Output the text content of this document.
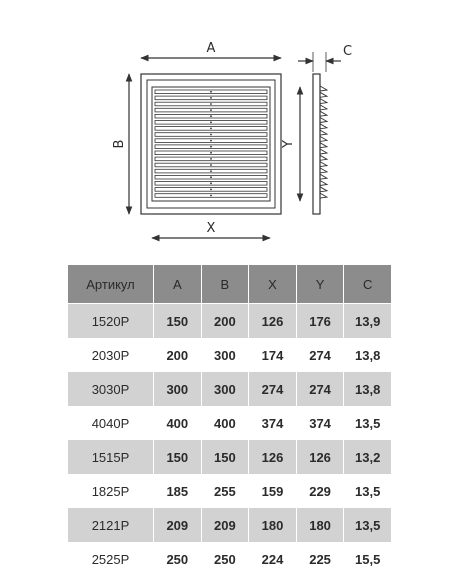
A
B
X
Y
C
Артикул	A	B	X	Y	C
1520P	150	200	126	176	13,9
2030P	200	300	174	274	13,8
3030P	300	300	274	274	13,8
4040P	400	400	374	374	13,5
1515P	150	150	126	126	13,2
1825P	185	255	159	229	13,5
2121P	209	209	180	180	13,5
2525P	250	250	224	225	15,5
